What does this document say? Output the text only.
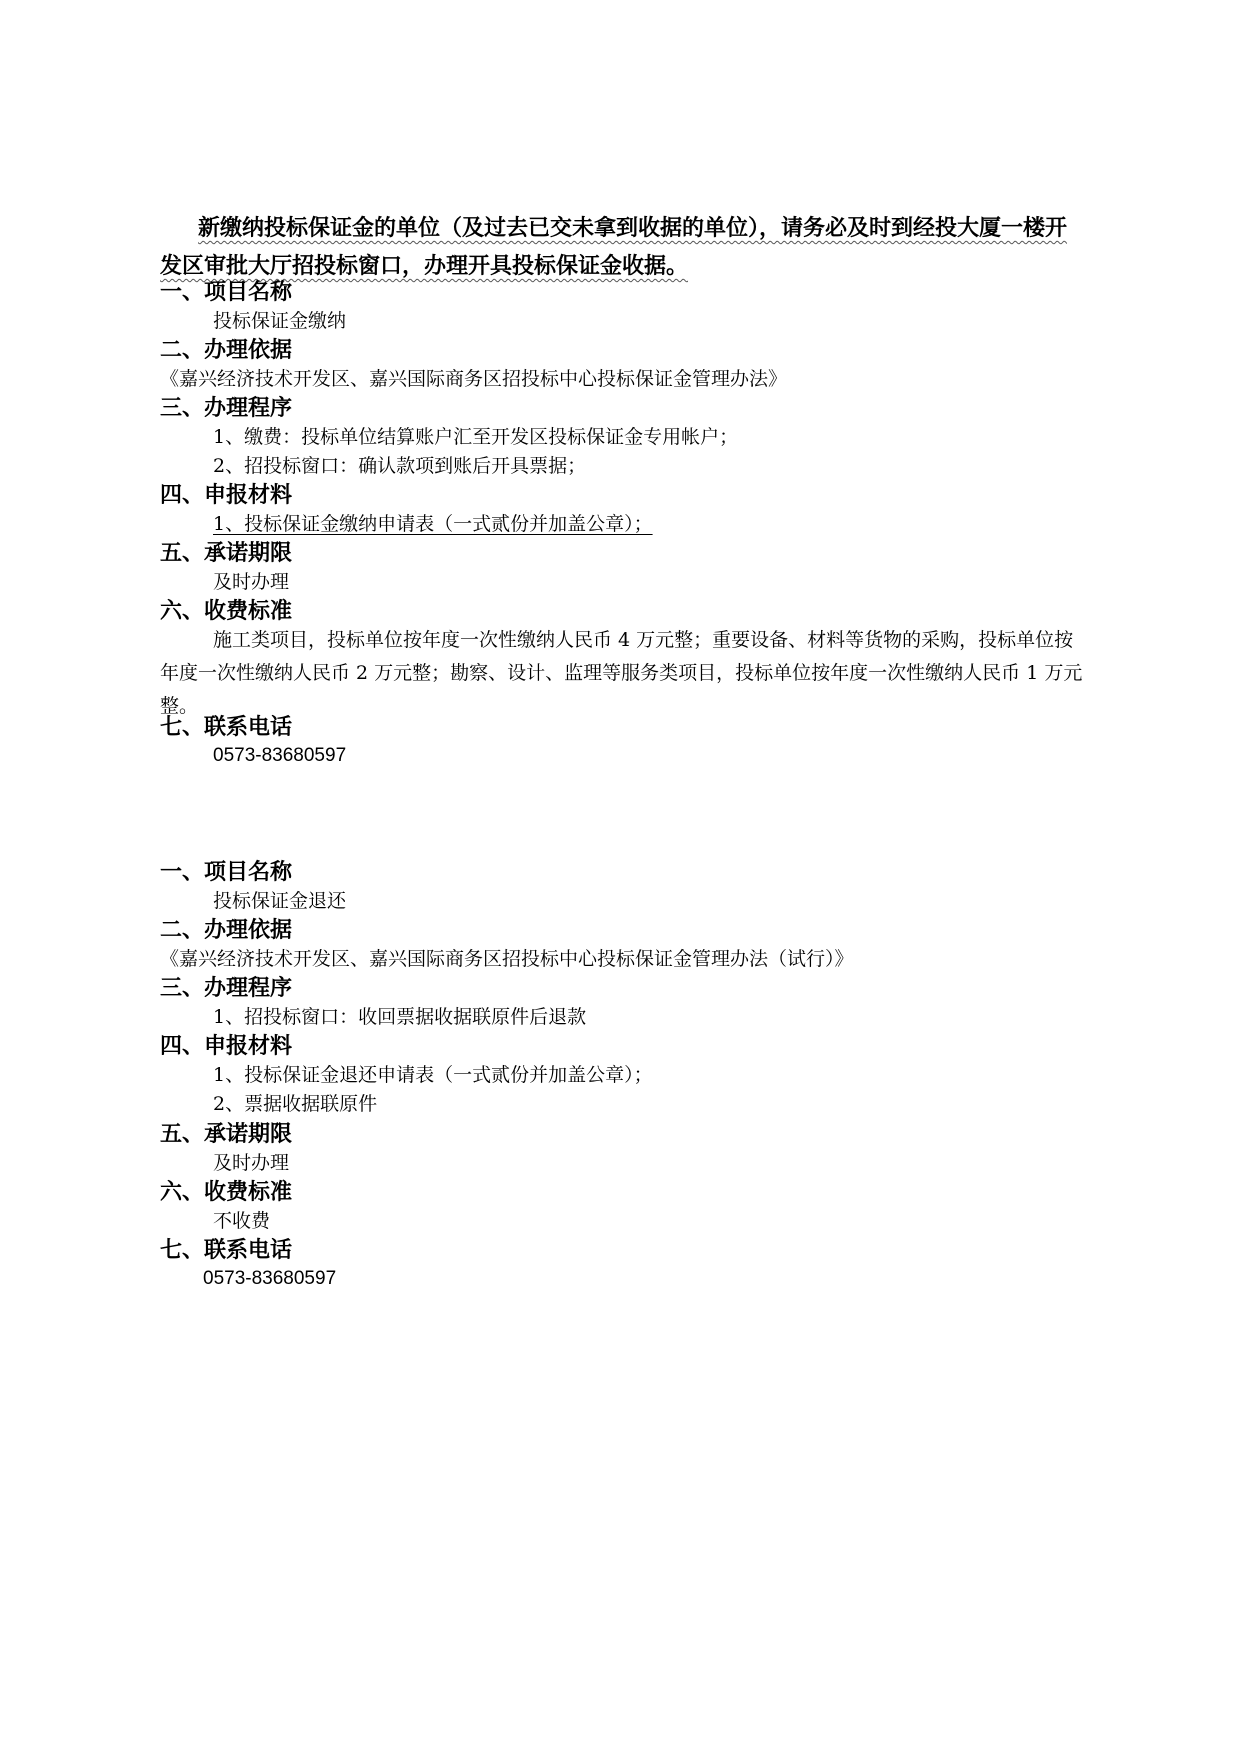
新缴纳投标保证金的单位（及过去已交未拿到收据的单位），请务必及时到经投大厦一楼开发区审批大厅招投标窗口，办理开具投标保证金收据。
一、项目名称
投标保证金缴纳
二、办理依据
《嘉兴经济技术开发区、嘉兴国际商务区招投标中心投标保证金管理办法》
三、办理程序
1、缴费：投标单位结算账户汇至开发区投标保证金专用帐户；
2、招投标窗口：确认款项到账后开具票据；
四、申报材料
1、投标保证金缴纳申请表（一式贰份并加盖公章）；
五、承诺期限
及时办理
六、收费标准
施工类项目，投标单位按年度一次性缴纳人民币 4 万元整；重要设备、材料等货物的采购，投标单位按年度一次性缴纳人民币 2 万元整；勘察、设计、监理等服务类项目，投标单位按年度一次性缴纳人民币 1 万元整。
七、联系电话
0573-83680597
一、项目名称
投标保证金退还
二、办理依据
《嘉兴经济技术开发区、嘉兴国际商务区招投标中心投标保证金管理办法（试行）》
三、办理程序
1、招投标窗口：收回票据收据联原件后退款
四、申报材料
1、投标保证金退还申请表（一式贰份并加盖公章）；
2、票据收据联原件
五、承诺期限
及时办理
六、收费标准
不收费
七、联系电话
0573-83680597
